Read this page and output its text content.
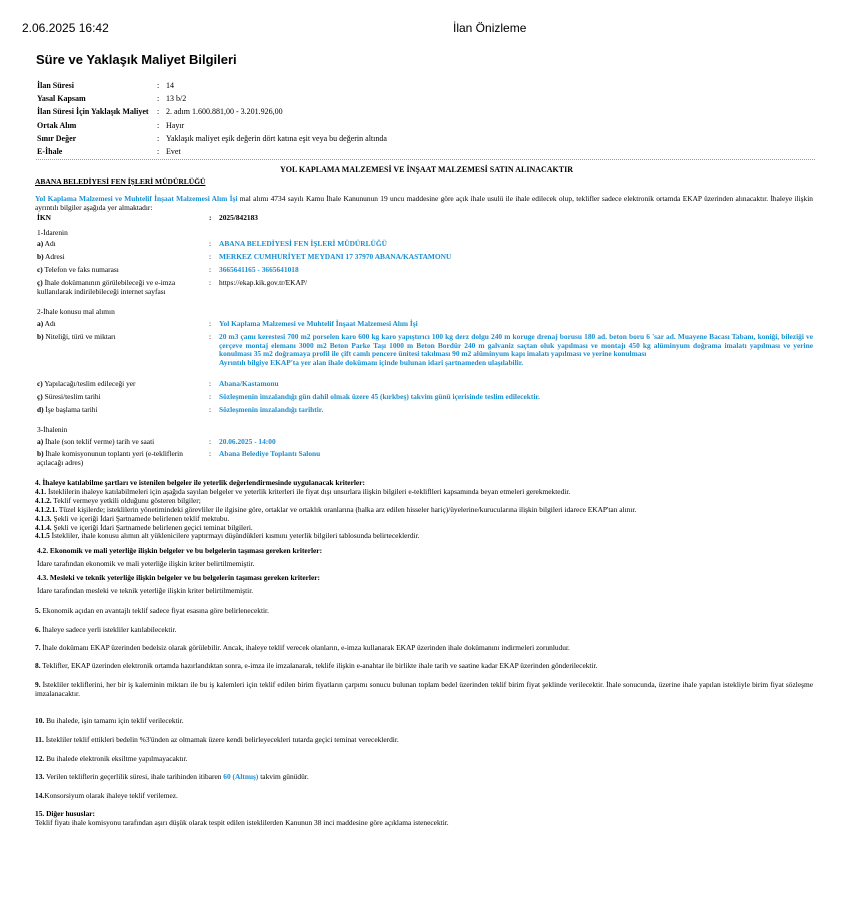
2.06.2025 16:42	İlan Önizleme
Süre ve Yaklaşık Maliyet Bilgileri
İlan Süresi	: 14
Yasal Kapsam	: 13 b/2
İlan Süresi İçin Yaklaşık Maliyet	: 2. adım 1.600.881,00 - 3.201.926,00
Ortak Alım	: Hayır
Sınır Değer	: Yaklaşık maliyet eşik değerin dört katına eşit veya bu değerin altında
E-İhale	: Evet
YOL KAPLAMA MALZEMESİ VE İNŞAAT MALZEMESİ SATIN ALINACAKTIR
ABANA BELEDİYESİ FEN İŞLERİ MÜDÜRLÜĞÜ
Yol Kaplama Malzemesi ve Muhtelif İnşaat Malzemesi Alım İşi mal alımı 4734 sayılı Kamu İhale Kanununun 19 uncu maddesine göre açık ihale usulü ile ihale edilecek olup, teklifler sadece elektronik ortamda EKAP üzerinden alınacaktır. İhaleye ilişkin ayrıntılı bilgiler aşağıda yer almaktadır:
İKN	:	2025/842183
1-İdarenin
a) Adı	:	ABANA BELEDİYESİ FEN İŞLERİ MÜDÜRLÜĞÜ
b) Adresi	:	MERKEZ CUMHURİYET MEYDANI 17 37970 ABANA/KASTAMONU
c) Telefon ve faks numarası	:	3665641165 - 3665641018
ç) İhale dokümanının görülebileceği ve e-imza kullanılarak indirilebileceği internet sayfası
:	https://ekap.kik.gov.tr/EKAP/
2-İhale konusu mal alımın
a) Adı	:	Yol Kaplama Malzemesi ve Muhtelif İnşaat Malzemesi Alım İşi
b) Niteliği, türü ve miktarı	:	20 m3 çamı kerestesi 700 m2 porselen karo 600 kg karo yapıştırıcı 100 kg derz dolgu 240 m koruge drenaj borusu 180 ad. beton boru 6 'sar ad. Muayene Bacası Tabanı, koniği, bileziği ve çerçeve montaj elemanı 3000 m2 Beton Parke Taşı 1000 m Beton Bordür 240 m galvaniz saçtan oluk yapılması ve montajı 450 kg alüminyum doğrama imalatı yapılması ve yerine konulması 35 m2 doğramaya profil ile çift camlı pencere ünitesi takılması 90 m2 alüminyum kapı imalatı yapılması ve yerine konulması
Ayrıntılı bilgiye EKAP'ta yer alan ihale dokümanı içinde bulunan idari şartnameden ulaşılabilir.
c) Yapılacağı/teslim edileceği yer	:	Abana/Kastamonu
ç) Süresi/teslim tarihi	:	Sözleşmenin imzalandığı gün dahil olmak üzere 45 (kırkbeş) takvim günü içerisinde teslim edilecektir.
d) İşe başlama tarihi	:	Sözleşmenin imzalandığı tarihtir.
3-İhalenin
a) İhale (son teklif verme) tarih ve saati	:	20.06.2025 - 14:00
b) İhale komisyonunun toplantı yeri (e-tekliflerin açılacağı adres)
:	Abana Belediye Toplantı Salonu
4. İhaleye katılabilme şartları ve istenilen belgeler ile yeterlik değerlendirmesinde uygulanacak kriterler:
4.1. İsteklilerin ihaleye katılabilmeleri için aşağıda sayılan belgeler ve yeterlik kriterleri ile fiyat dışı unsurlara ilişkin bilgileri e-tekliflleri kapsamında beyan etmeleri gerekmektedir.
4.1.2. Teklif vermeye yetkili olduğunu gösteren bilgiler;
4.1.2.1. Tüzel kişilerde; isteklilerin yönetimindeki görevliler ile ilgisine göre, ortaklar ve ortaklık oranlarına (halka arz edilen hisseler hariç)/üyelerine/kurucularına ilişkin bilgileri idarece EKAP'tan alınır.
4.1.3. Şekli ve içeriği İdari Şartnamede belirlenen teklif mektubu.
4.1.4. Şekli ve içeriği İdari Şartnamede belirlenen geçici teminat bilgileri.
4.1.5 İstekliler, ihale konusu alımın alt yüklenicilere yaptırmayı düşündükleri kısmını yeterlik bilgileri tablosunda belirteceklerdir.
4.2. Ekonomik ve mali yeterliğe ilişkin belgeler ve bu belgelerin taşıması gereken kriterler:
İdare tarafından ekonomik ve mali yeterliğe ilişkin kriter belirtilmemiştir.
4.3. Mesleki ve teknik yeterliğe ilişkin belgeler ve bu belgelerin taşıması gereken kriterler:
İdare tarafından mesleki ve teknik yeterliğe ilişkin kriter belirtilmemiştir.
5. Ekonomik açıdan en avantajlı teklif sadece fiyat esasına göre belirlenecektir.
6. İhaleye sadece yerli istekliler katılabilecektir.
7. İhale dokümanı EKAP üzerinden bedelsiz olarak görülebilir. Ancak, ihaleye teklif verecek olanların, e-imza kullanarak EKAP üzerinden ihale dokümanını indirmeleri zorunludur.
8. Teklifler, EKAP üzerinden elektronik ortamda hazırlandıktan sonra, e-imza ile imzalanarak, teklife ilişkin e-anahtar ile birlikte ihale tarih ve saatine kadar EKAP üzerinden gönderilecektir.
9. İstekliler tekliflerini, her bir iş kaleminin miktarı ile bu iş kalemleri için teklif edilen birim fiyatların çarpımı sonucu bulunan toplam bedel üzerinden teklif birim fiyat şeklinde verilecektir. İhale sonucunda, üzerine ihale yapılan istekliyle birim fiyat sözleşme imzalanacaktır.
10. Bu ihalede, işin tamamı için teklif verilecektir.
11. İstekliler teklif ettikleri bedelin %3'ünden az olmamak üzere kendi belirleyecekleri tutarda geçici teminat vereceklerdir.
12. Bu ihalede elektronik eksiltme yapılmayacaktır.
13. Verilen tekliflerin geçerlilik süresi, ihale tarihinden itibaren 60 (Altmış) takvim günüdür.
14.Konsorsiyum olarak ihaleye teklif verilemez.
15. Diğer hususlar:
Teklif fiyatı ihale komisyonu tarafından aşırı düşük olarak tespit edilen isteklilerden Kanunun 38 inci maddesine göre açıklama istenecektir.
